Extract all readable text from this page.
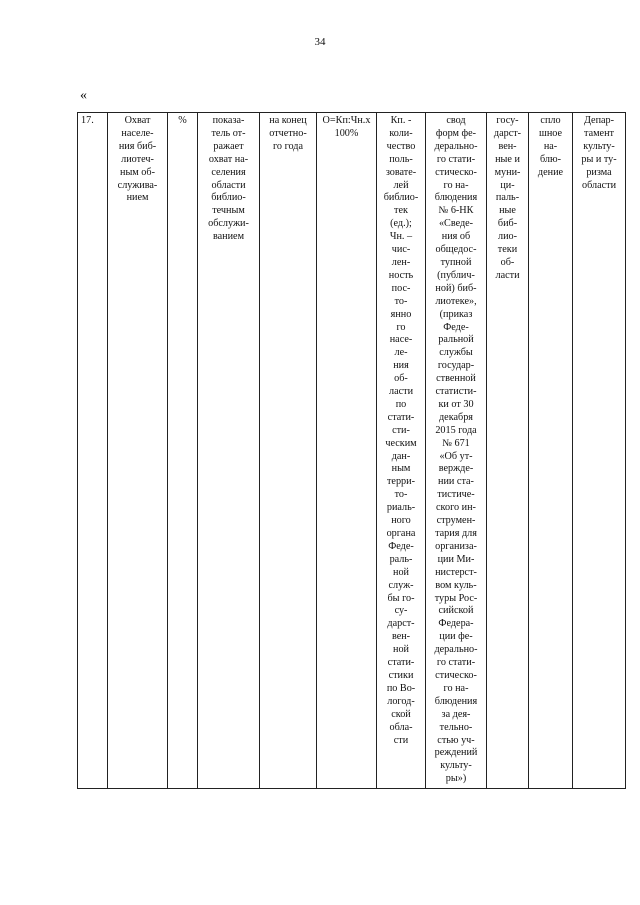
34
«
17.	Охват
населе-
ния биб-
лиотеч-
ным об-
служива-
нием	%	показа-
тель от-
ражает
охват на-
селения
области
библио-
течным
обслужи-
ванием	на конец
отчетно-
го года	О=Кп:Чн.х
100%	Кп. -
коли-
чество
поль-
зовате-
лей
библио-
тек
(ед.);
Чн. –
чис-
лен-
ность
пос-
то-
янно
го
насе-
ле-
ния
об-
ласти
по
стати-
сти-
ческим
дан-
ным
терри-
то-
риаль-
ного
органа
Феде-
раль-
ной
служ-
бы го-
су-
дарст-
вен-
ной
стати-
стики
по Во-
логод-
ской
обла-
сти	свод
форм фе-
дерально-
го стати-
стическо-
го на-
блюдения
№ 6-НК
«Сведе-
ния об
общедос-
тупной
(публич-
ной) биб-
лиотеке»,
(приказ
Феде-
ральной
службы
государ-
ственной
статисти-
ки от 30
декабря
2015 года
№ 671
«Об ут-
вержде-
нии ста-
тистиче-
ского ин-
струмен-
тария для
организа-
ции Ми-
нистерст-
вом куль-
туры Рос-
сийской
Федера-
ции фе-
дерально-
го стати-
стическо-
го на-
блюдения
за дея-
тельно-
стью уч-
реждений
культу-
ры»)	госу-
дарст-
вен-
ные и
муни-
ци-
паль-
ные
биб-
лио-
теки
об-
ласти	спло
шное
на-
блю-
дение	Депар-
тамент
культу-
ры и ту-
ризма
области
